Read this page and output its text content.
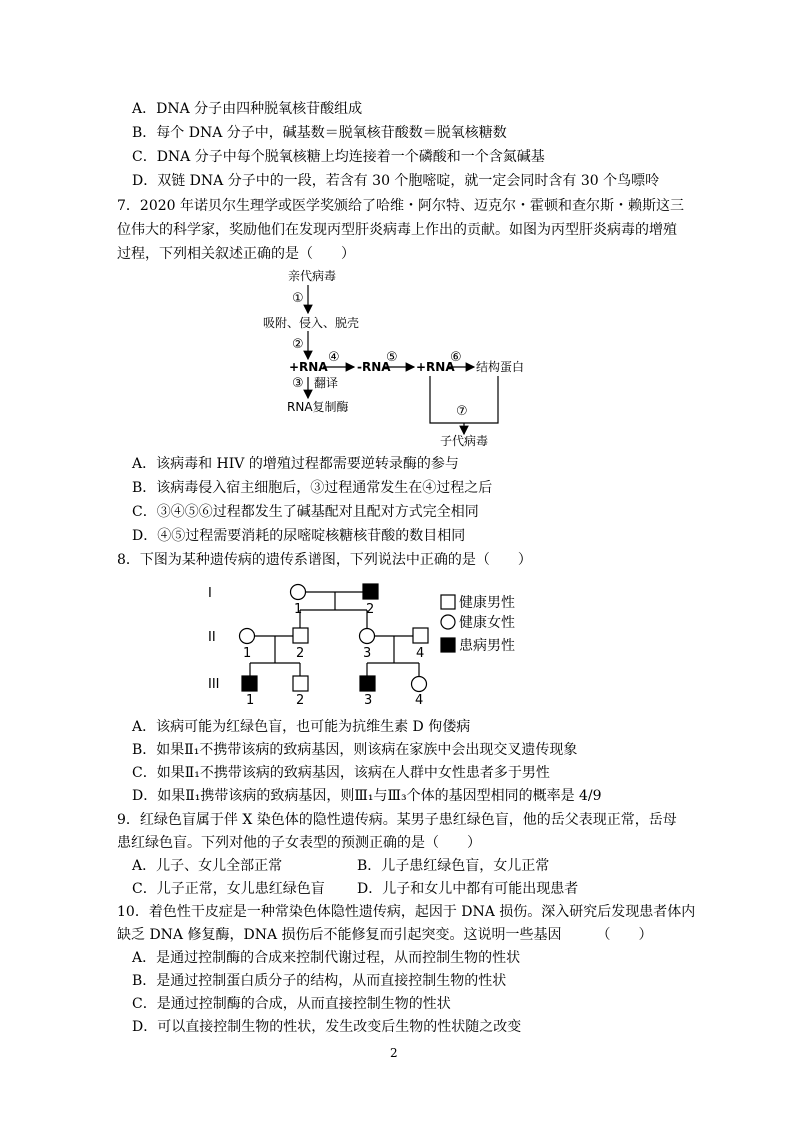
A．DNA 分子由四种脱氧核苷酸组成
B．每个 DNA 分子中，碱基数＝脱氧核苷酸数＝脱氧核糖数
C．DNA 分子中每个脱氧核糖上均连接着一个磷酸和一个含氮碱基
D．双链 DNA 分子中的一段，若含有 30 个胞嘧啶，就一定会同时含有 30 个鸟嘌呤
7．2020 年诺贝尔生理学或医学奖颁给了哈维・阿尔特、迈克尔・霍顿和查尔斯・赖斯这三
位伟大的科学家，奖励他们在发现丙型肝炎病毒上作出的贡献。如图为丙型肝炎病毒的增殖
过程，下列相关叙述正确的是（　　）
亲代病毒
①
吸附、侵入、脱壳
②
+RNA
④
-RNA
⑤
+RNA
⑥
结构蛋白
③ 翻译
RNA复制酶	⑦
子代病毒
A．该病毒和 HIV 的增殖过程都需要逆转录酶的参与
B．该病毒侵入宿主细胞后，③过程通常发生在④过程之后
C．③④⑤⑥过程都发生了碱基配对且配对方式完全相同
D．④⑤过程需要消耗的尿嘧啶核糖核苷酸的数目相同
8．下图为某种遗传病的遗传系谱图，下列说法中正确的是（　　）
I
II
III
1	2
1	2	3	4
1	2	3	4
健康男性
健康女性
患病男性
A．该病可能为红绿色盲，也可能为抗维生素 D 佝偻病
B．如果Ⅱ₁不携带该病的致病基因，则该病在家族中会出现交叉遗传现象
C．如果Ⅱ₁不携带该病的致病基因，该病在人群中女性患者多于男性
D．如果Ⅱ₁携带该病的致病基因，则Ⅲ₁与Ⅲ₃个体的基因型相同的概率是 4/9
9．红绿色盲属于伴 X 染色体的隐性遗传病。某男子患红绿色盲，他的岳父表现正常，岳母
患红绿色盲。下列对他的子女表型的预测正确的是（　　）
A．儿子、女儿全部正常	B．儿子患红绿色盲，女儿正常
C．儿子正常，女儿患红绿色盲 D．儿子和女儿中都有可能出现患者
10．着色性干皮症是一种常染色体隐性遗传病，起因于 DNA 损伤。深入研究后发现患者体内
缺乏 DNA 修复酶，DNA 损伤后不能修复而引起突变。这说明一些基因　　　（　　）
A．是通过控制酶的合成来控制代谢过程，从而控制生物的性状
B．是通过控制蛋白质分子的结构，从而直接控制生物的性状
C．是通过控制酶的合成，从而直接控制生物的性状
D．可以直接控制生物的性状，发生改变后生物的性状随之改变
2
